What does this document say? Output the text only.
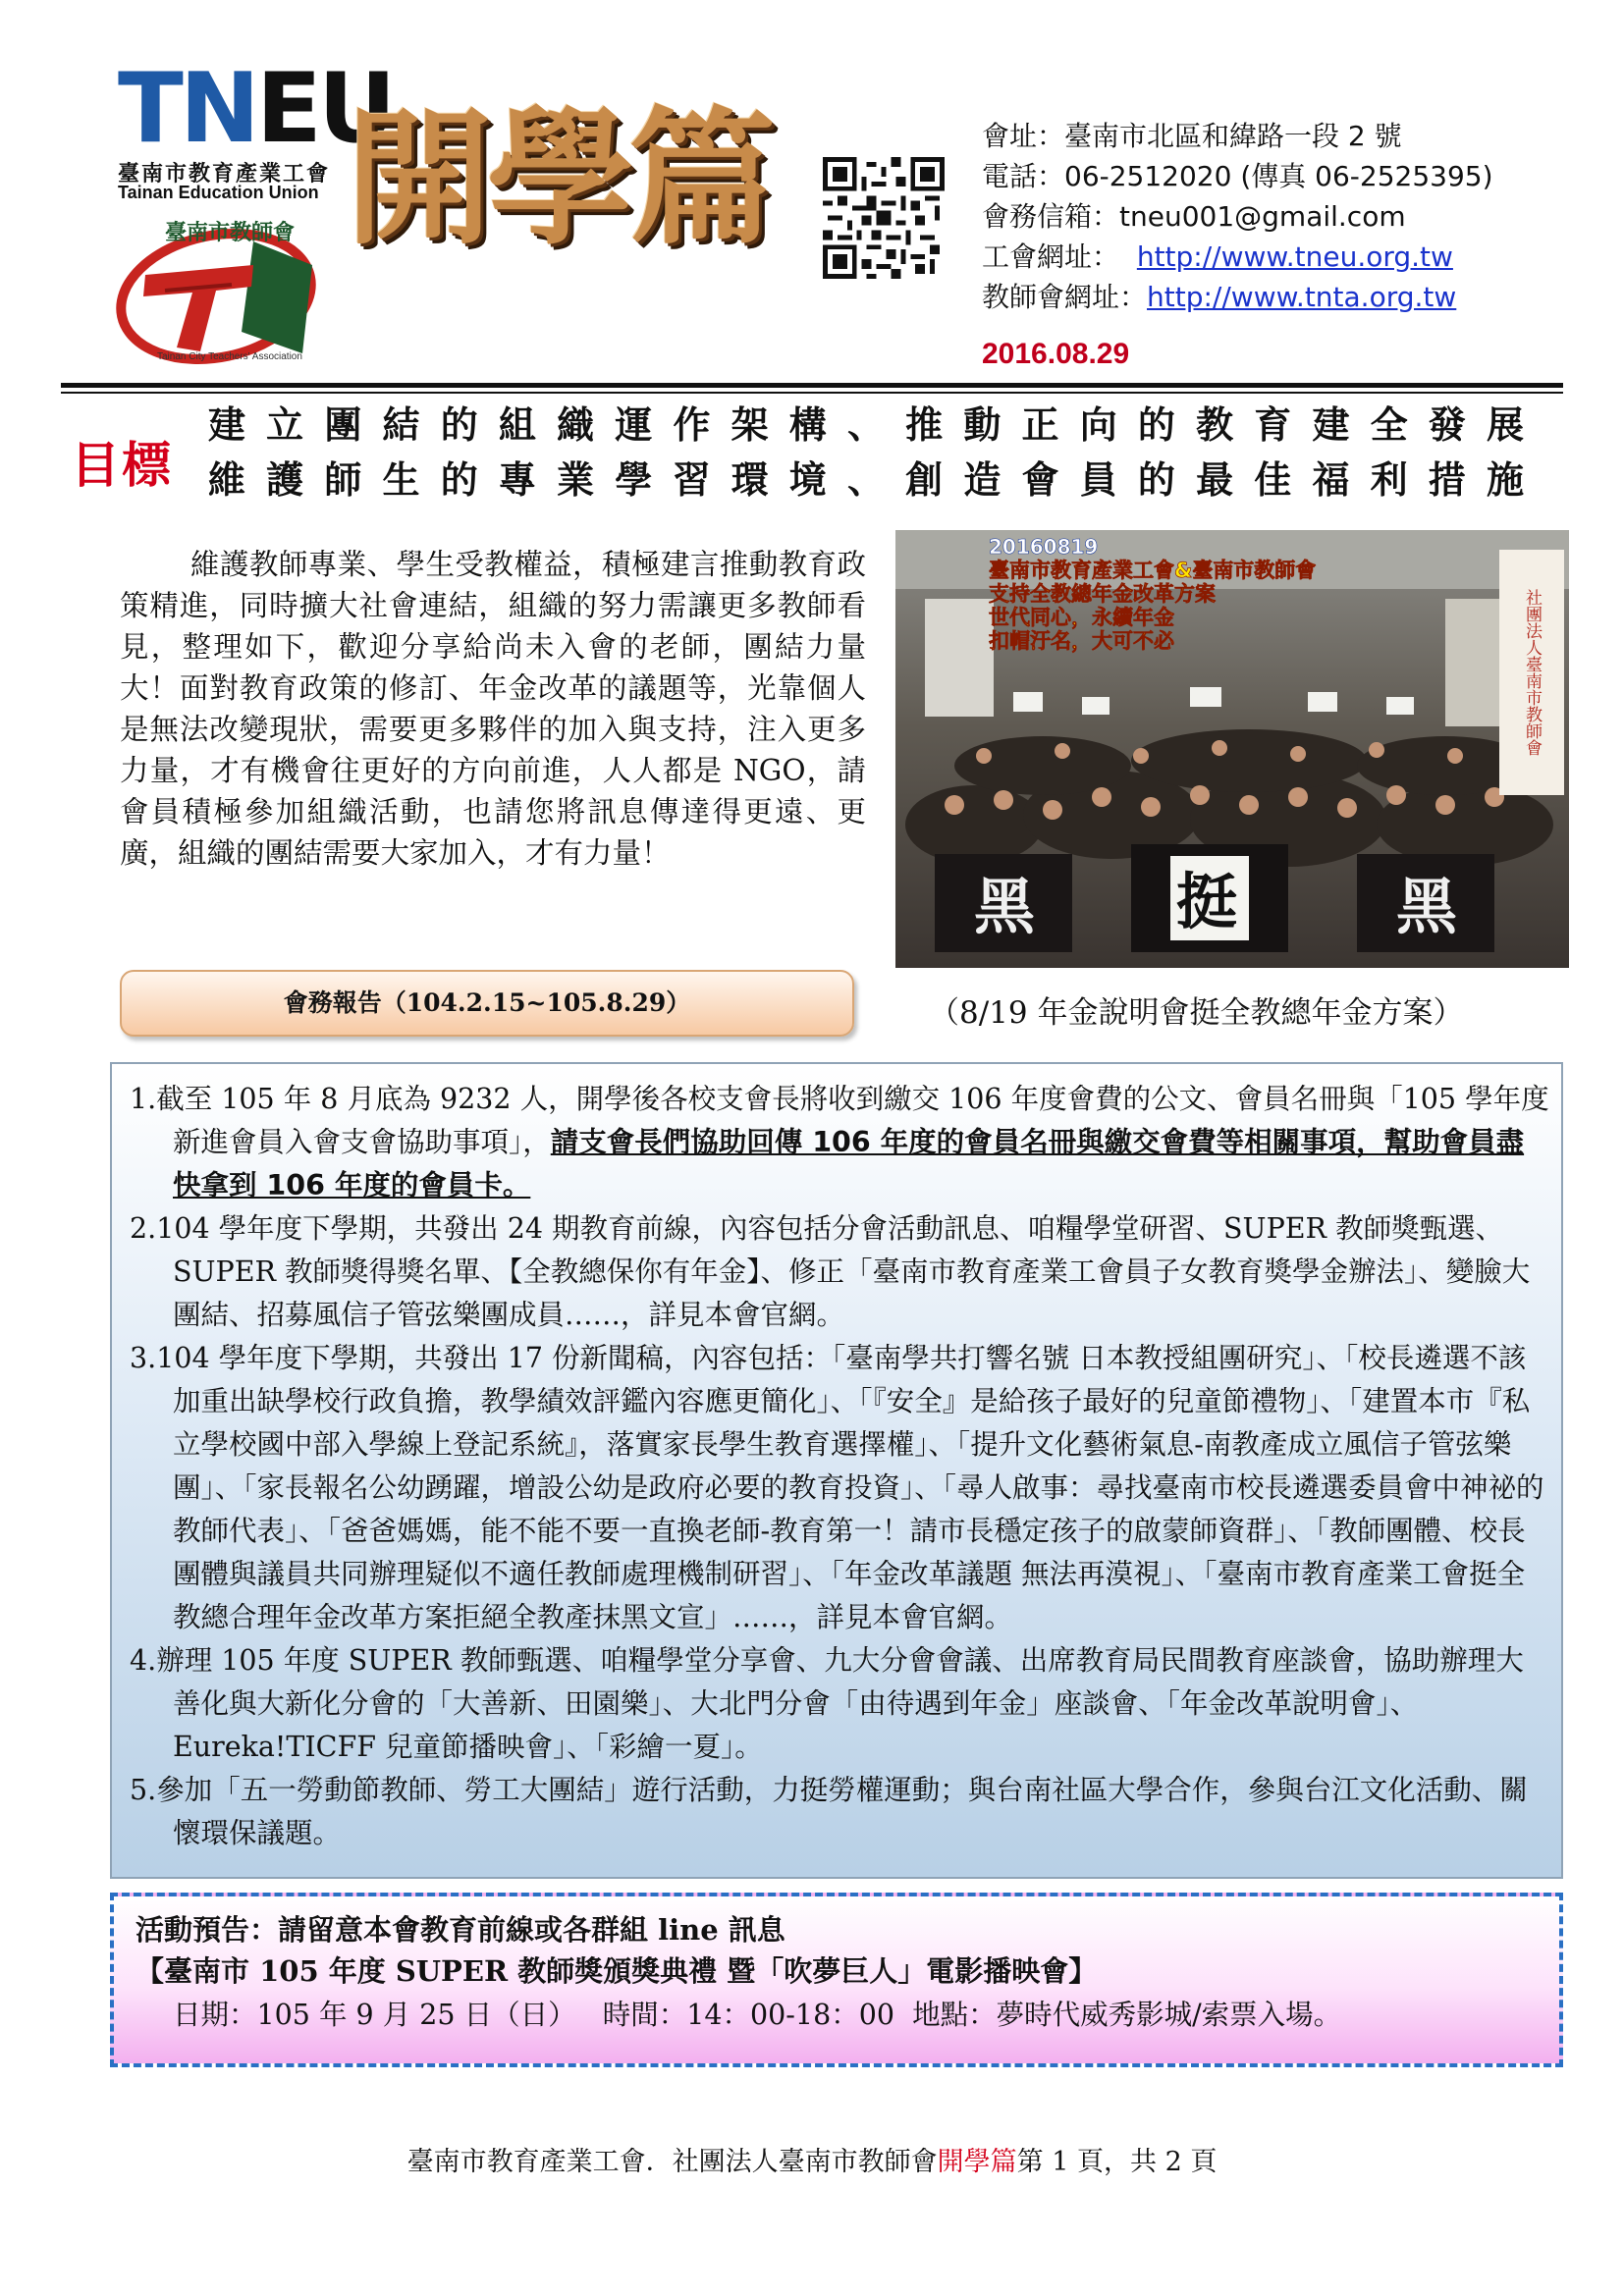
TNEU
臺南市教育產業工會
Tainan Education Union
臺南市教師會
Tainan City Teachers' Association
開學篇	會址：臺南市北區和緯路一段 2 號
電話：06-2512020 (傳真 06-2525395)
會務信箱：tneu001@gmail.com
工會網址： http://www.tneu.org.tw
教師會網址：http://www.tnta.org.tw
2016.08.29
目標
建立團結的組織運作架構、推動正向的教育建全發展
維護師生的專業學習環境、創造會員的最佳福利措施
維護教師專業、學生受教權益，積極建言推動教育政策精進，同時擴大社會連結，組織的努力需讓更多教師看見，整理如下，歡迎分享給尚未入會的老師，團結力量大！面對教育政策的修訂、年金改革的議題等，光靠個人是無法改變現狀，需要更多夥伴的加入與支持，注入更多力量，才有機會往更好的方向前進，人人都是 NGO，請會員積極參加組織活動，也請您將訊息傳達得更遠、更廣，組織的團結需要大家加入，才有力量！
社團法人臺南市教師會
20160819
臺南市教育產業工會&臺南市教師會
支持全教總年金改革方案
世代同心，永續年金
扣帽汙名，大可不必
黑 挺	黑
（8/19 年金說明會挺全教總年金方案）
會務報告（104.2.15~105.8.29）
1.截至 105 年 8 月底為 9232 人，開學後各校支會長將收到繳交 106 年度會費的公文、會員名冊與「105 學年度新進會員入會支會協助事項」，請支會長們協助回傳 106 年度的會員名冊與繳交會費等相關事項，幫助會員盡快拿到 106 年度的會員卡。
2.104 學年度下學期，共發出 24 期教育前線，內容包括分會活動訊息、咱糧學堂研習、SUPER 教師獎甄選、SUPER 教師獎得獎名單、【全教總保你有年金】、修正「臺南市教育產業工會員子女教育獎學金辦法」、變臉大團結、招募風信子管弦樂團成員……，詳見本會官網。
3.104 學年度下學期，共發出 17 份新聞稿，內容包括：「臺南學共打響名號 日本教授組團研究」、「校長遴選不該加重出缺學校行政負擔，教學績效評鑑內容應更簡化」、「『安全』是給孩子最好的兒童節禮物」、「建置本市『私立學校國中部入學線上登記系統』，落實家長學生教育選擇權」、「提升文化藝術氣息-南教產成立風信子管弦樂團」、「家長報名公幼踴躍，增設公幼是政府必要的教育投資」、「尋人啟事：尋找臺南市校長遴選委員會中神祕的教師代表」、「爸爸媽媽，能不能不要一直換老師-教育第一！請市長穩定孩子的啟蒙師資群」、「教師團體、校長團體與議員共同辦理疑似不適任教師處理機制研習」、「年金改革議題 無法再漠視」、「臺南市教育產業工會挺全教總合理年金改革方案拒絕全教產抹黑文宣」……，詳見本會官網。
4.辦理 105 年度 SUPER 教師甄選、咱糧學堂分享會、九大分會會議、出席教育局民間教育座談會，協助辦理大善化與大新化分會的「大善新、田園樂」、大北門分會「由待遇到年金」座談會、「年金改革說明會」、Eureka!TICFF 兒童節播映會」、「彩繪一夏」。
5.參加「五一勞動節教師、勞工大團結」遊行活動，力挺勞權運動；與台南社區大學合作，參與台江文化活動、關懷環保議題。
活動預告：請留意本會教育前線或各群組 line 訊息
【臺南市 105 年度 SUPER 教師獎頒獎典禮 暨「吹夢巨人」電影播映會】
日期：105 年 9 月 25 日（日）   時間：14：00-18：00  地點：夢時代威秀影城/索票入場。
臺南市教育產業工會．社團法人臺南市教師會開學篇第 1 頁，共 2 頁
